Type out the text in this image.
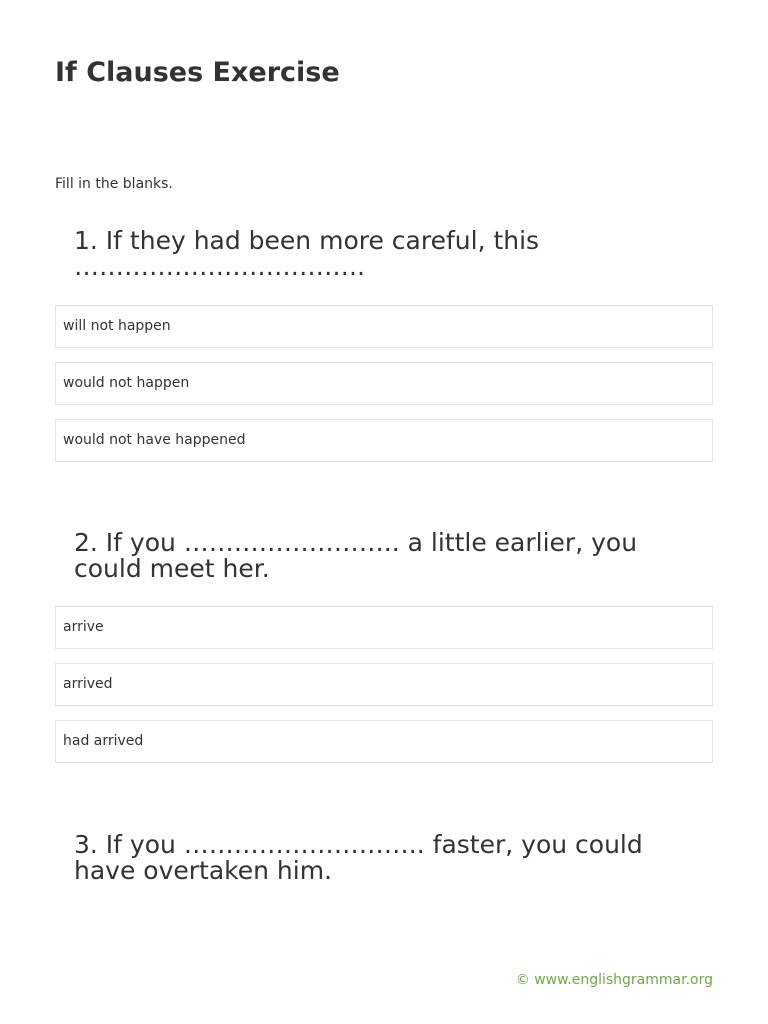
If Clauses Exercise
Fill in the blanks.
1. If they had been more careful, this ……………………………..
will not happen
would not happen
would not have happened
2. If you …………………….. a little earlier, you could meet her.
arrive
arrived
had arrived
3. If you ……………………….. faster, you could have overtaken him.
© www.englishgrammar.org
